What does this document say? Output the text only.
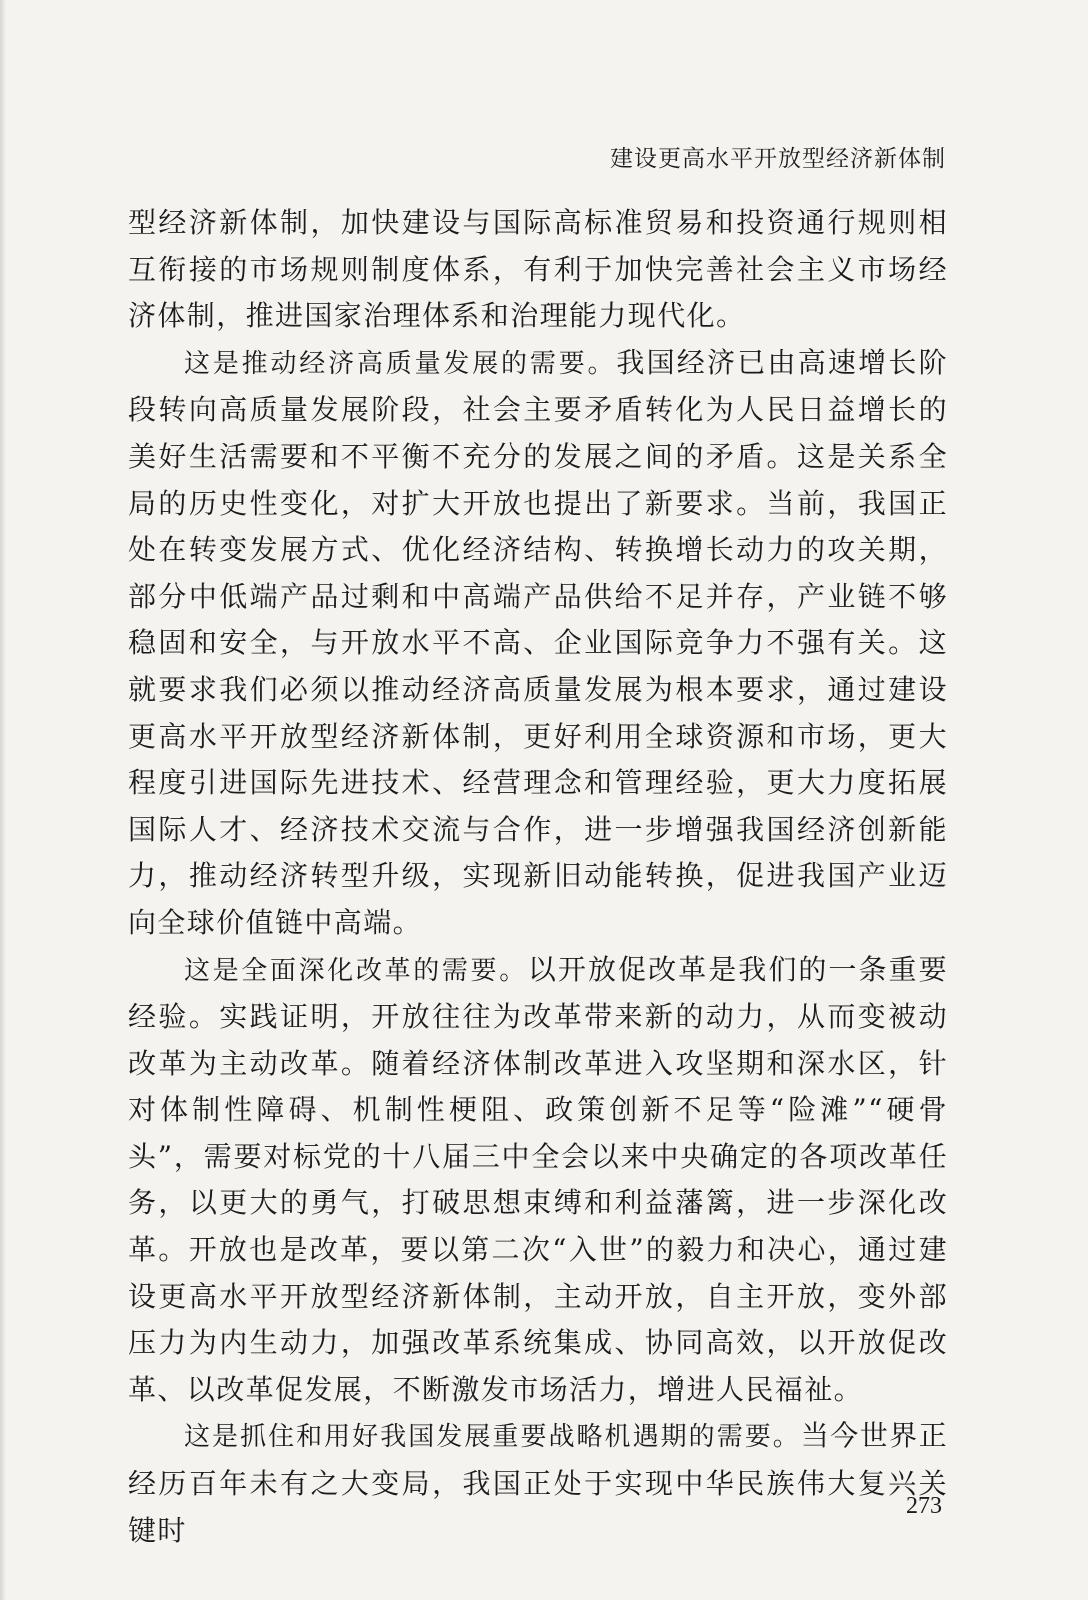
建设更高水平开放型经济新体制

型经济新体制，加快建设与国际高标准贸易和投资通行规则相互衔接的市场规则制度体系，有利于加快完善社会主义市场经济体制，推进国家治理体系和治理能力现代化。

这是推动经济高质量发展的需要。我国经济已由高速增长阶段转向高质量发展阶段，社会主要矛盾转化为人民日益增长的美好生活需要和不平衡不充分的发展之间的矛盾。这是关系全局的历史性变化，对扩大开放也提出了新要求。当前，我国正处在转变发展方式、优化经济结构、转换增长动力的攻关期，部分中低端产品过剩和中高端产品供给不足并存，产业链不够稳固和安全，与开放水平不高、企业国际竞争力不强有关。这就要求我们必须以推动经济高质量发展为根本要求，通过建设更高水平开放型经济新体制，更好利用全球资源和市场，更大程度引进国际先进技术、经营理念和管理经验，更大力度拓展国际人才、经济技术交流与合作，进一步增强我国经济创新能力，推动经济转型升级，实现新旧动能转换，促进我国产业迈向全球价值链中高端。

这是全面深化改革的需要。以开放促改革是我们的一条重要经验。实践证明，开放往往为改革带来新的动力，从而变被动改革为主动改革。随着经济体制改革进入攻坚期和深水区，针对体制性障碍、机制性梗阻、政策创新不足等“险滩”“硬骨头”，需要对标党的十八届三中全会以来中央确定的各项改革任务，以更大的勇气，打破思想束缚和利益藩篱，进一步深化改革。开放也是改革，要以第二次“入世”的毅力和决心，通过建设更高水平开放型经济新体制，主动开放，自主开放，变外部压力为内生动力，加强改革系统集成、协同高效，以开放促改革、以改革促发展，不断激发市场活力，增进人民福祉。

这是抓住和用好我国发展重要战略机遇期的需要。当今世界正经历百年未有之大变局，我国正处于实现中华民族伟大复兴关键时

273
